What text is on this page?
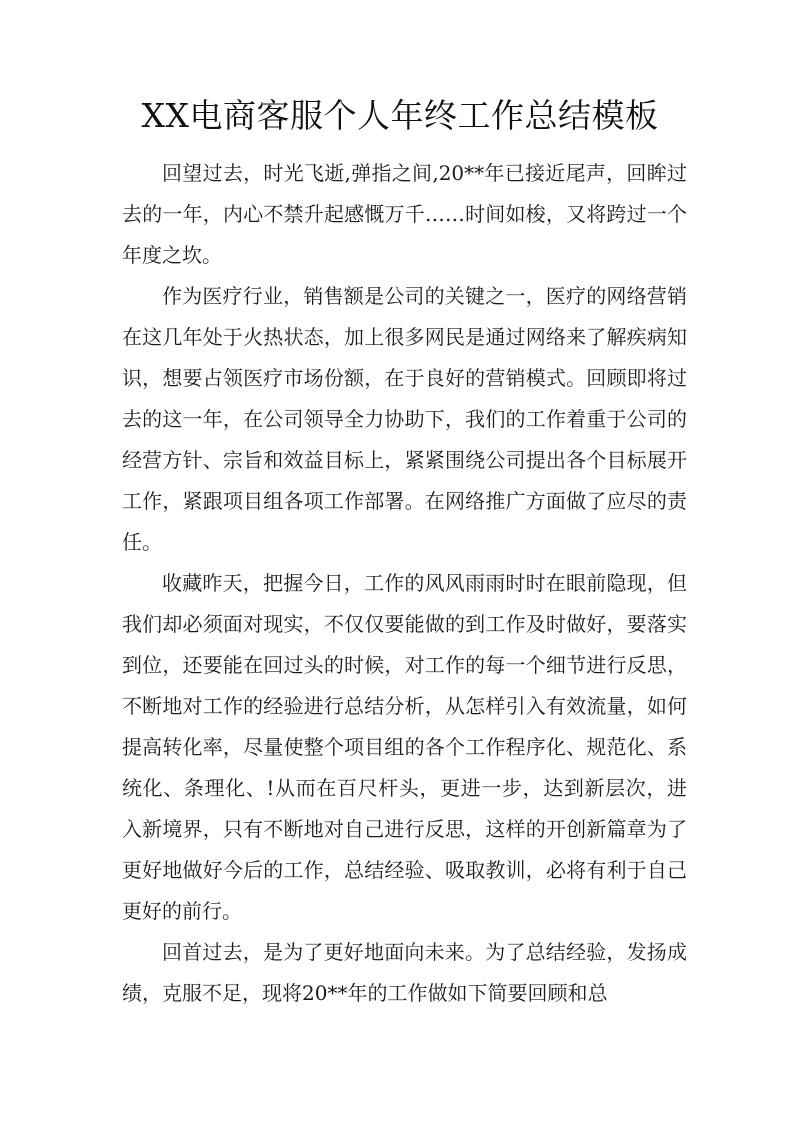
XX电商客服个人年终工作总结模板

回望过去，时光飞逝,弹指之间,20**年已接近尾声，回眸过去的一年，内心不禁升起感慨万千……时间如梭，又将跨过一个年度之坎。

作为医疗行业，销售额是公司的关键之一，医疗的网络营销在这几年处于火热状态，加上很多网民是通过网络来了解疾病知识，想要占领医疗市场份额，在于良好的营销模式。回顾即将过去的这一年，在公司领导全力协助下，我们的工作着重于公司的经营方针、宗旨和效益目标上，紧紧围绕公司提出各个目标展开工作，紧跟项目组各项工作部署。在网络推广方面做了应尽的责任。

收藏昨天，把握今日，工作的风风雨雨时时在眼前隐现，但我们却必须面对现实，不仅仅要能做的到工作及时做好，要落实到位，还要能在回过头的时候，对工作的每一个细节进行反思，不断地对工作的经验进行总结分析，从怎样引入有效流量，如何提高转化率，尽量使整个项目组的各个工作程序化、规范化、系统化、条理化、!从而在百尺杆头，更进一步，达到新层次，进入新境界，只有不断地对自己进行反思，这样的开创新篇章为了更好地做好今后的工作，总结经验、吸取教训，必将有利于自己更好的前行。

回首过去，是为了更好地面向未来。为了总结经验，发扬成绩，克服不足，现将20**年的工作做如下简要回顾和总
